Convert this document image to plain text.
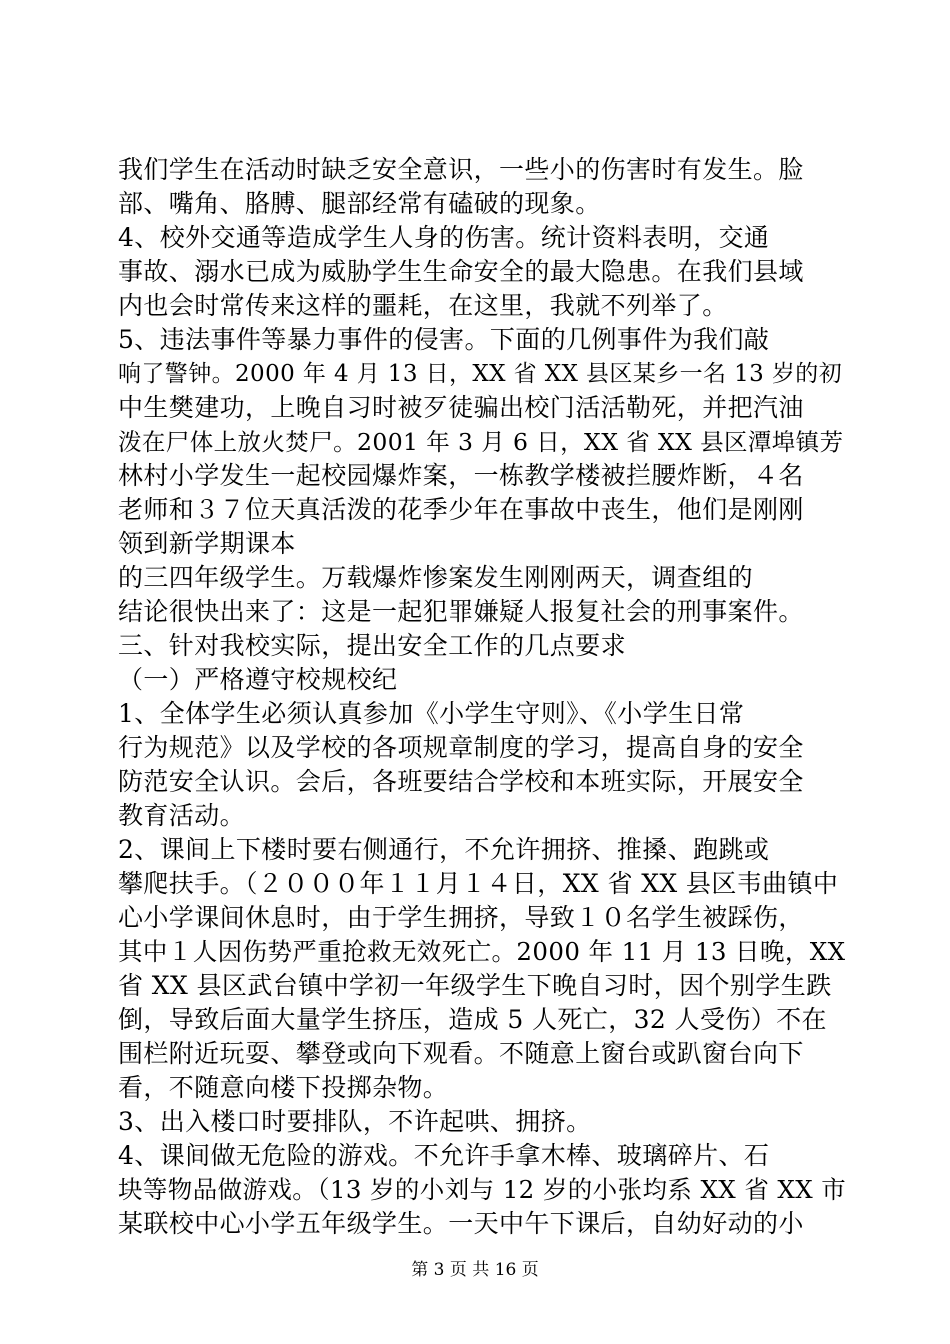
我们学生在活动时缺乏安全意识，一些小的伤害时有发生。脸
部、嘴角、胳膊、腿部经常有磕破的现象。
4、校外交通等造成学生人身的伤害。统计资料表明，交通
事故、溺水已成为威胁学生生命安全的最大隐患。在我们县域
内也会时常传来这样的噩耗，在这里，我就不列举了。
5、违法事件等暴力事件的侵害。下面的几例事件为我们敲
响了警钟。2000 年 4 月 13 日，XX 省 XX 县区某乡一名 13 岁的初
中生樊建功，上晚自习时被歹徒骗出校门活活勒死，并把汽油
泼在尸体上放火焚尸。2001 年 3 月 6 日，XX 省 XX 县区潭埠镇芳
林村小学发生一起校园爆炸案，一栋教学楼被拦腰炸断，４名
老师和３７位天真活泼的花季少年在事故中丧生，他们是刚刚
领到新学期课本
的三四年级学生。万载爆炸惨案发生刚刚两天，调查组的
结论很快出来了：这是一起犯罪嫌疑人报复社会的刑事案件。
三、针对我校实际，提出安全工作的几点要求
（一）严格遵守校规校纪
1、全体学生必须认真参加《小学生守则》、《小学生日常
行为规范》以及学校的各项规章制度的学习，提高自身的安全
防范安全认识。会后，各班要结合学校和本班实际，开展安全
教育活动。
2、课间上下楼时要右侧通行，不允许拥挤、推搡、跑跳或
攀爬扶手。（２０００年１１月１４日，XX 省 XX 县区韦曲镇中
心小学课间休息时，由于学生拥挤，导致１０名学生被踩伤，
其中１人因伤势严重抢救无效死亡。2000 年 11 月 13 日晚，XX
省 XX 县区武台镇中学初一年级学生下晚自习时，因个别学生跌
倒，导致后面大量学生挤压，造成 5 人死亡，32 人受伤）不在
围栏附近玩耍、攀登或向下观看。不随意上窗台或趴窗台向下
看，不随意向楼下投掷杂物。
3、出入楼口时要排队，不许起哄、拥挤。
4、课间做无危险的游戏。不允许手拿木棒、玻璃碎片、石
块等物品做游戏。（13 岁的小刘与 12 岁的小张均系 XX 省 XX 市
某联校中心小学五年级学生。一天中午下课后，自幼好动的小
第 3 页 共 16 页
